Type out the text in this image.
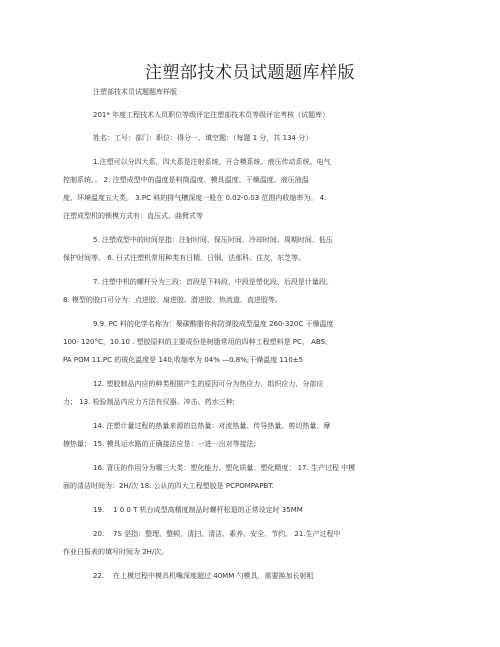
注塑部技术员试题题库样版
注塑部技术员试题题库样版
201* 年度工程技术人员职位等级评定注塑部技术员等级评定考核（试题库）
姓名：工号：部门：职位：得分一、填空题：（每题 1 分，共 134 分）
1.注塑可以分四大系，四大系是注射系统、开合模系统、液压传动系统、电气
控制系统、。 2. 注塑成型中的温度是料筒温度、模具温度、干燥温度、液压油温
度、环境温度五大类。 3.PC 料的排气槽深度一般在 0.02-0.03 范围内收缩率为。 4.
注塑成型机的锁模方式有：直压式、曲臂式等
5. 注塑成型中的时间是指：注射时间、保压时间、冷却时间、周期时间、低压
保护时间等。 6. 日式注塑机常用种类有日精、日钢、法那科、住友、东芝等。
7. 注塑中机的螺杆分为三段：首段是下料段、中段是塑化段、后段是计量段。
8. 模型的胶口可分为：点进胶、扇进胶、潜进胶、热流道、直进胶等。
9.9. PC 料的化学名称为：聚碳酸脂你称防弹胶成型温度 260-320C 干燥温度
100- 120°C，10.10 . 塑胶原料的主要成份是树脂常用的四种工程塑料是 PC、 ABS、
PA POM 11.PC 的玻化温度是 140,收缩率为 04% —0.8%;干燥温度 110±5
12. 塑胶制品内应的种类根据产生的原因可分为热应力、组织应力、分部应
力； 13. 检验制品内应力方法有仪器、冲击、药水三种;
14. 注塑计量过程的热量来源的总热量：对流热量、传导热量、剪切热量、摩
擦热量； 15. 模具运水路的正确接法应是：一进一出对等接法;
16. 背压的作用分为哪三大类：塑化能力、塑化质量、塑化精度； 17. 生产过程 中模
面的清洁时间为：2H/次 18. 公认的四大工程塑胶是 PCPOMPAPBT.
19.    1 0 0 T 机台成型高精度制品时螺杆松退的正常设定时 35MM
20.    7S 是指：整理、整顿、清扫、清洁、素养、安全、节约。 21.生产过程中
作业日报表的填写时间为 2H/次。
22.    在上模过程中模具机嘴深度超过 40MM 勺模具，需要换加长射咀
